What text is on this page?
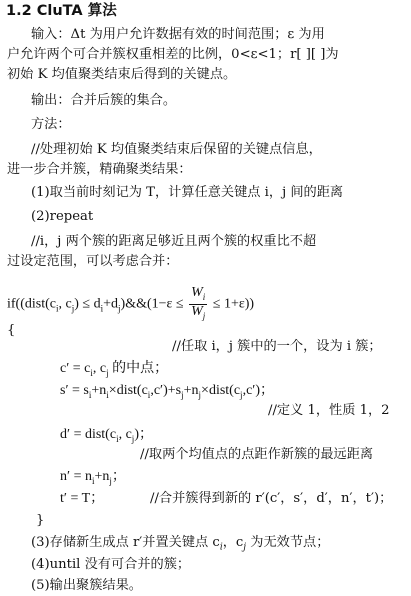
1.2 CluTA 算法
输入：Δt 为用户允许数据有效的时间范围；ε 为用
户允许两个可合并簇权重相差的比例，0<ε<1；r[ ][ ]为
初始 K 均值聚类结束后得到的关键点。
输出：合并后簇的集合。
方法：
//处理初始 K 均值聚类结束后保留的关键点信息，
进一步合并簇，精确聚类结果：
(1)取当前时刻记为 T，计算任意关键点 i，j 间的距离
(2)repeat
//i，j 两个簇的距离足够近且两个簇的权重比不超
过设定范围，可以考虑合并：
$if((dist(c_i$, $c_j$) ≤ $d_i+d_j)\&\&(1-\varepsilon \le \frac{W_i}{W_j} \le 1+\varepsilon)$)
{
//任取 i，j 簇中的一个，设为 i 簇；
$c' = c_i$, $c_j$ 的中点；
$s' = s_i+n_i\times dist(c_i,c')+s_j+n_j\times dist(c_j,c')$；
//定义 1，性质 1，2
$d' = dist(c_i$, $c_j$)；
//取两个均值点的点距作新簇的最远距离
$n' = n_i+n_j$；
t′ = T；	//合并簇得到新的 r′(c′，s′，d′，n′，t′)；
}
(3)存储新生成点 r′并置关键点 $c_i$，$c_j$ 为无效节点；
(4)until 没有可合并的簇；
(5)输出聚簇结果。
